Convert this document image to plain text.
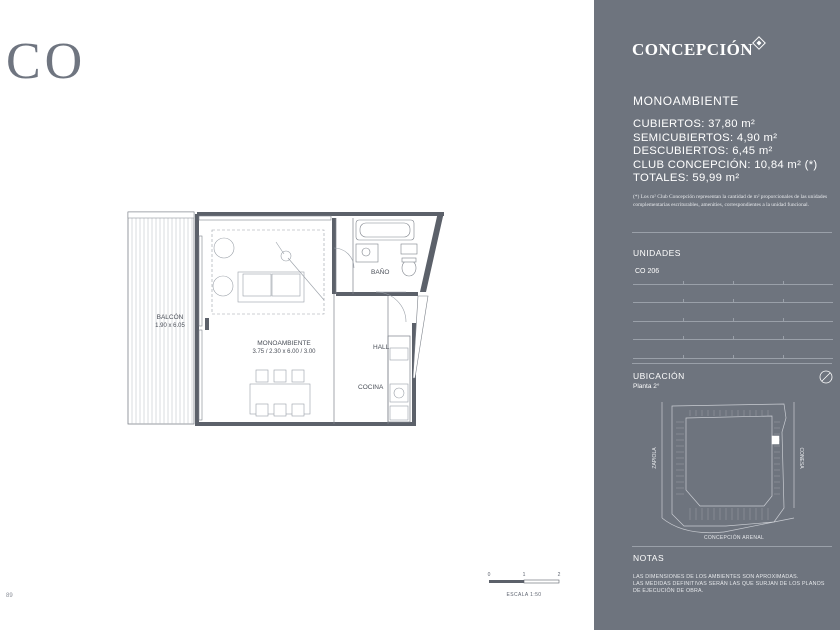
CO
BALCÓN
1.90 x 6.05
MONOAMBIENTE
3.75 / 2.30 x 6.00 / 3.00
BAÑO
HALL
COCINA
0	1	2
ESCALA 1:50
89
CONCEPCIÓN
MONOAMBIENTE
CUBIERTOS: 37,80 m²
SEMICUBIERTOS: 4,90 m²
DESCUBIERTOS: 6,45 m²
CLUB CONCEPCIÓN: 10,84 m² (*)
TOTALES: 59,99 m²
(*) Los m² Club Concepción representan la cantidad de m² proporcionales de las unidades complementarias escriturables, amenities, correspondientes a la unidad funcional.
UNIDADES
CO 206
UBICACIÓN
Planta 2°
ZAPIOLA	CONESA
CONCEPCIÓN ARENAL
NOTAS
LAS DIMENSIONES DE LOS AMBIENTES SON APROXIMADAS.
LAS MEDIDAS DEFINITIVAS SERÁN LAS QUE SURJAN DE LOS PLANOS
DE EJECUCIÓN DE OBRA.
